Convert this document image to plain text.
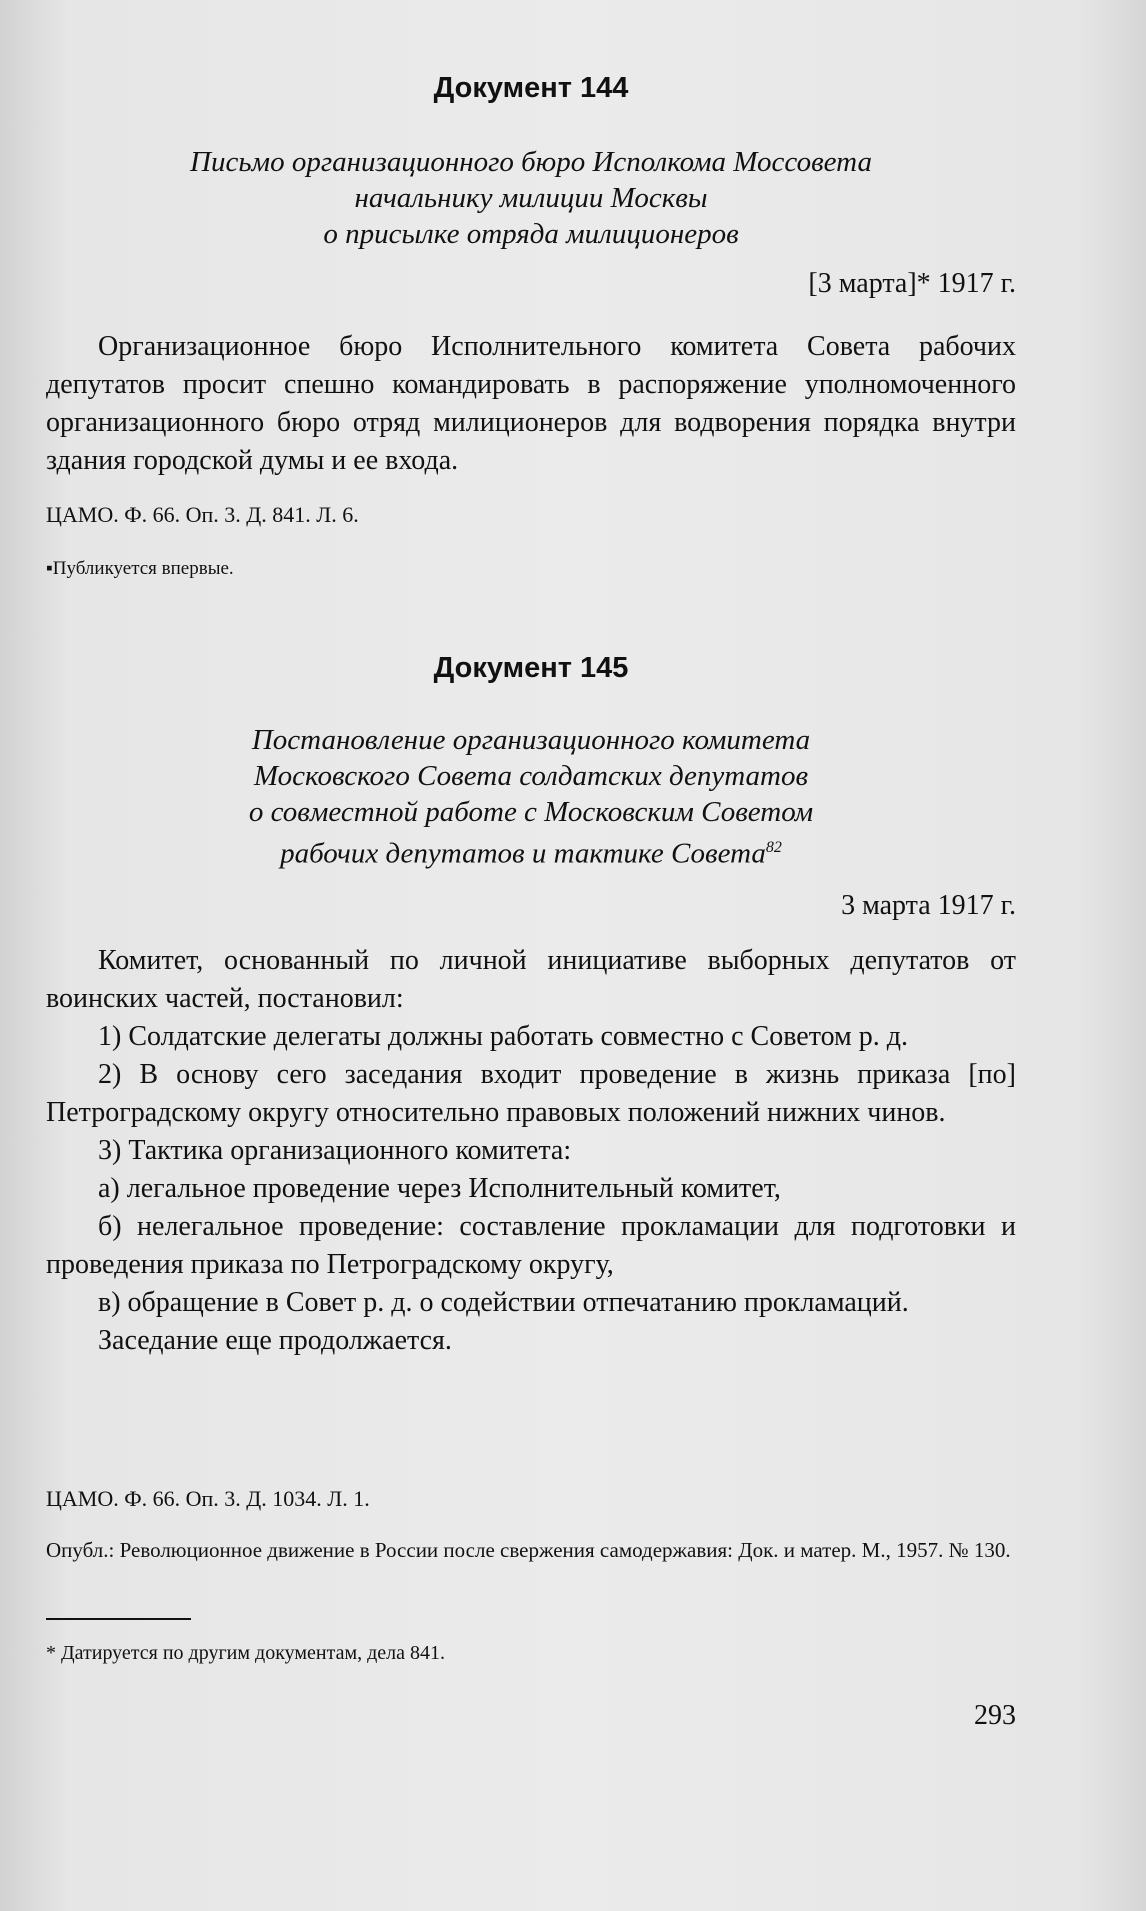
Документ 144
Письмо организационного бюро Исполкома Моссовета
начальнику милиции Москвы
о присылке отряда милиционеров
[3 марта]* 1917 г.

Организационное бюро Исполнительного комитета Совета рабочих депутатов просит спешно командировать в распоряжение уполномоченного организационного бюро отряд милиционеров для водворения порядка внутри здания городской думы и ее входа.

ЦАМО. Ф. 66. Оп. 3. Д. 841. Л. 6.
▪Публикуется впервые.
Документ 145
Постановление организационного комитета
Московского Совета солдатских депутатов
о совместной работе с Московским Советом
рабочих депутатов и тактике Совета$^{82}$
3 марта 1917 г.

Комитет, основанный по личной инициативе выборных депутатов от воинских частей, постановил:

1) Солдатские делегаты должны работать совместно с Советом р. д.

2) В основу сего заседания входит проведение в жизнь приказа [по] Петроградскому округу относительно правовых положений нижних чинов.

3) Тактика организационного комитета:

а) легальное проведение через Исполнительный комитет,

б) нелегальное проведение: составление прокламации для подготовки и проведения приказа по Петроградскому округу,

в) обращение в Совет р. д. о содействии отпечатанию прокламаций.

Заседание еще продолжается.

ЦАМО. Ф. 66. Оп. 3. Д. 1034. Л. 1.
Опубл.: Революционное движение в России после свержения самодержавия: Док. и матер. М., 1957. № 130.
* Датируется по другим документам, дела 841.
293
